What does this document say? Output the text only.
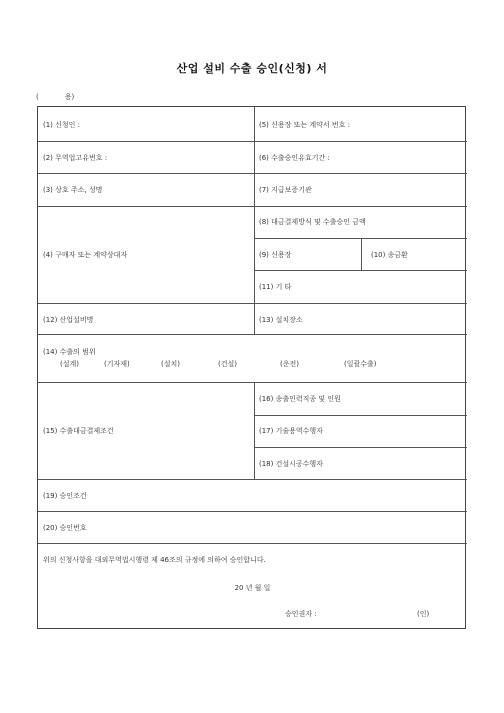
산업 설비 수출 승인(신청) 서
(	용)
(1) 신청인 :	(5) 신용장 또는 계약서 번호 :
(2) 무역업고유번호 :	(6) 수출승인유효기간 :
(3) 상호 주소, 성명	(7) 지급보증기관
(4) 구매자 또는 계약상대자
(8) 대금결제방식 및 수출승인 금액
(9) 신용장	(10) 송금환
(11) 기 타
(12) 산업설비명	(13) 설치장소
(14) 수출의 범위
(설계)	(기자재)	(설치)	(건설)	(운전)	(일괄수출)
(15) 수출대금결제조건
(16) 송출인력직종 및 인원
(17) 기술용역수행자
(18) 건설시공수행자
(19) 승인조건
(20) 승인번호
위의 신청사항을 대외무역법시행령 제 46조의 규정에 의하여 승인합니다.
20 년 월 일
승인권자 :	(인)
